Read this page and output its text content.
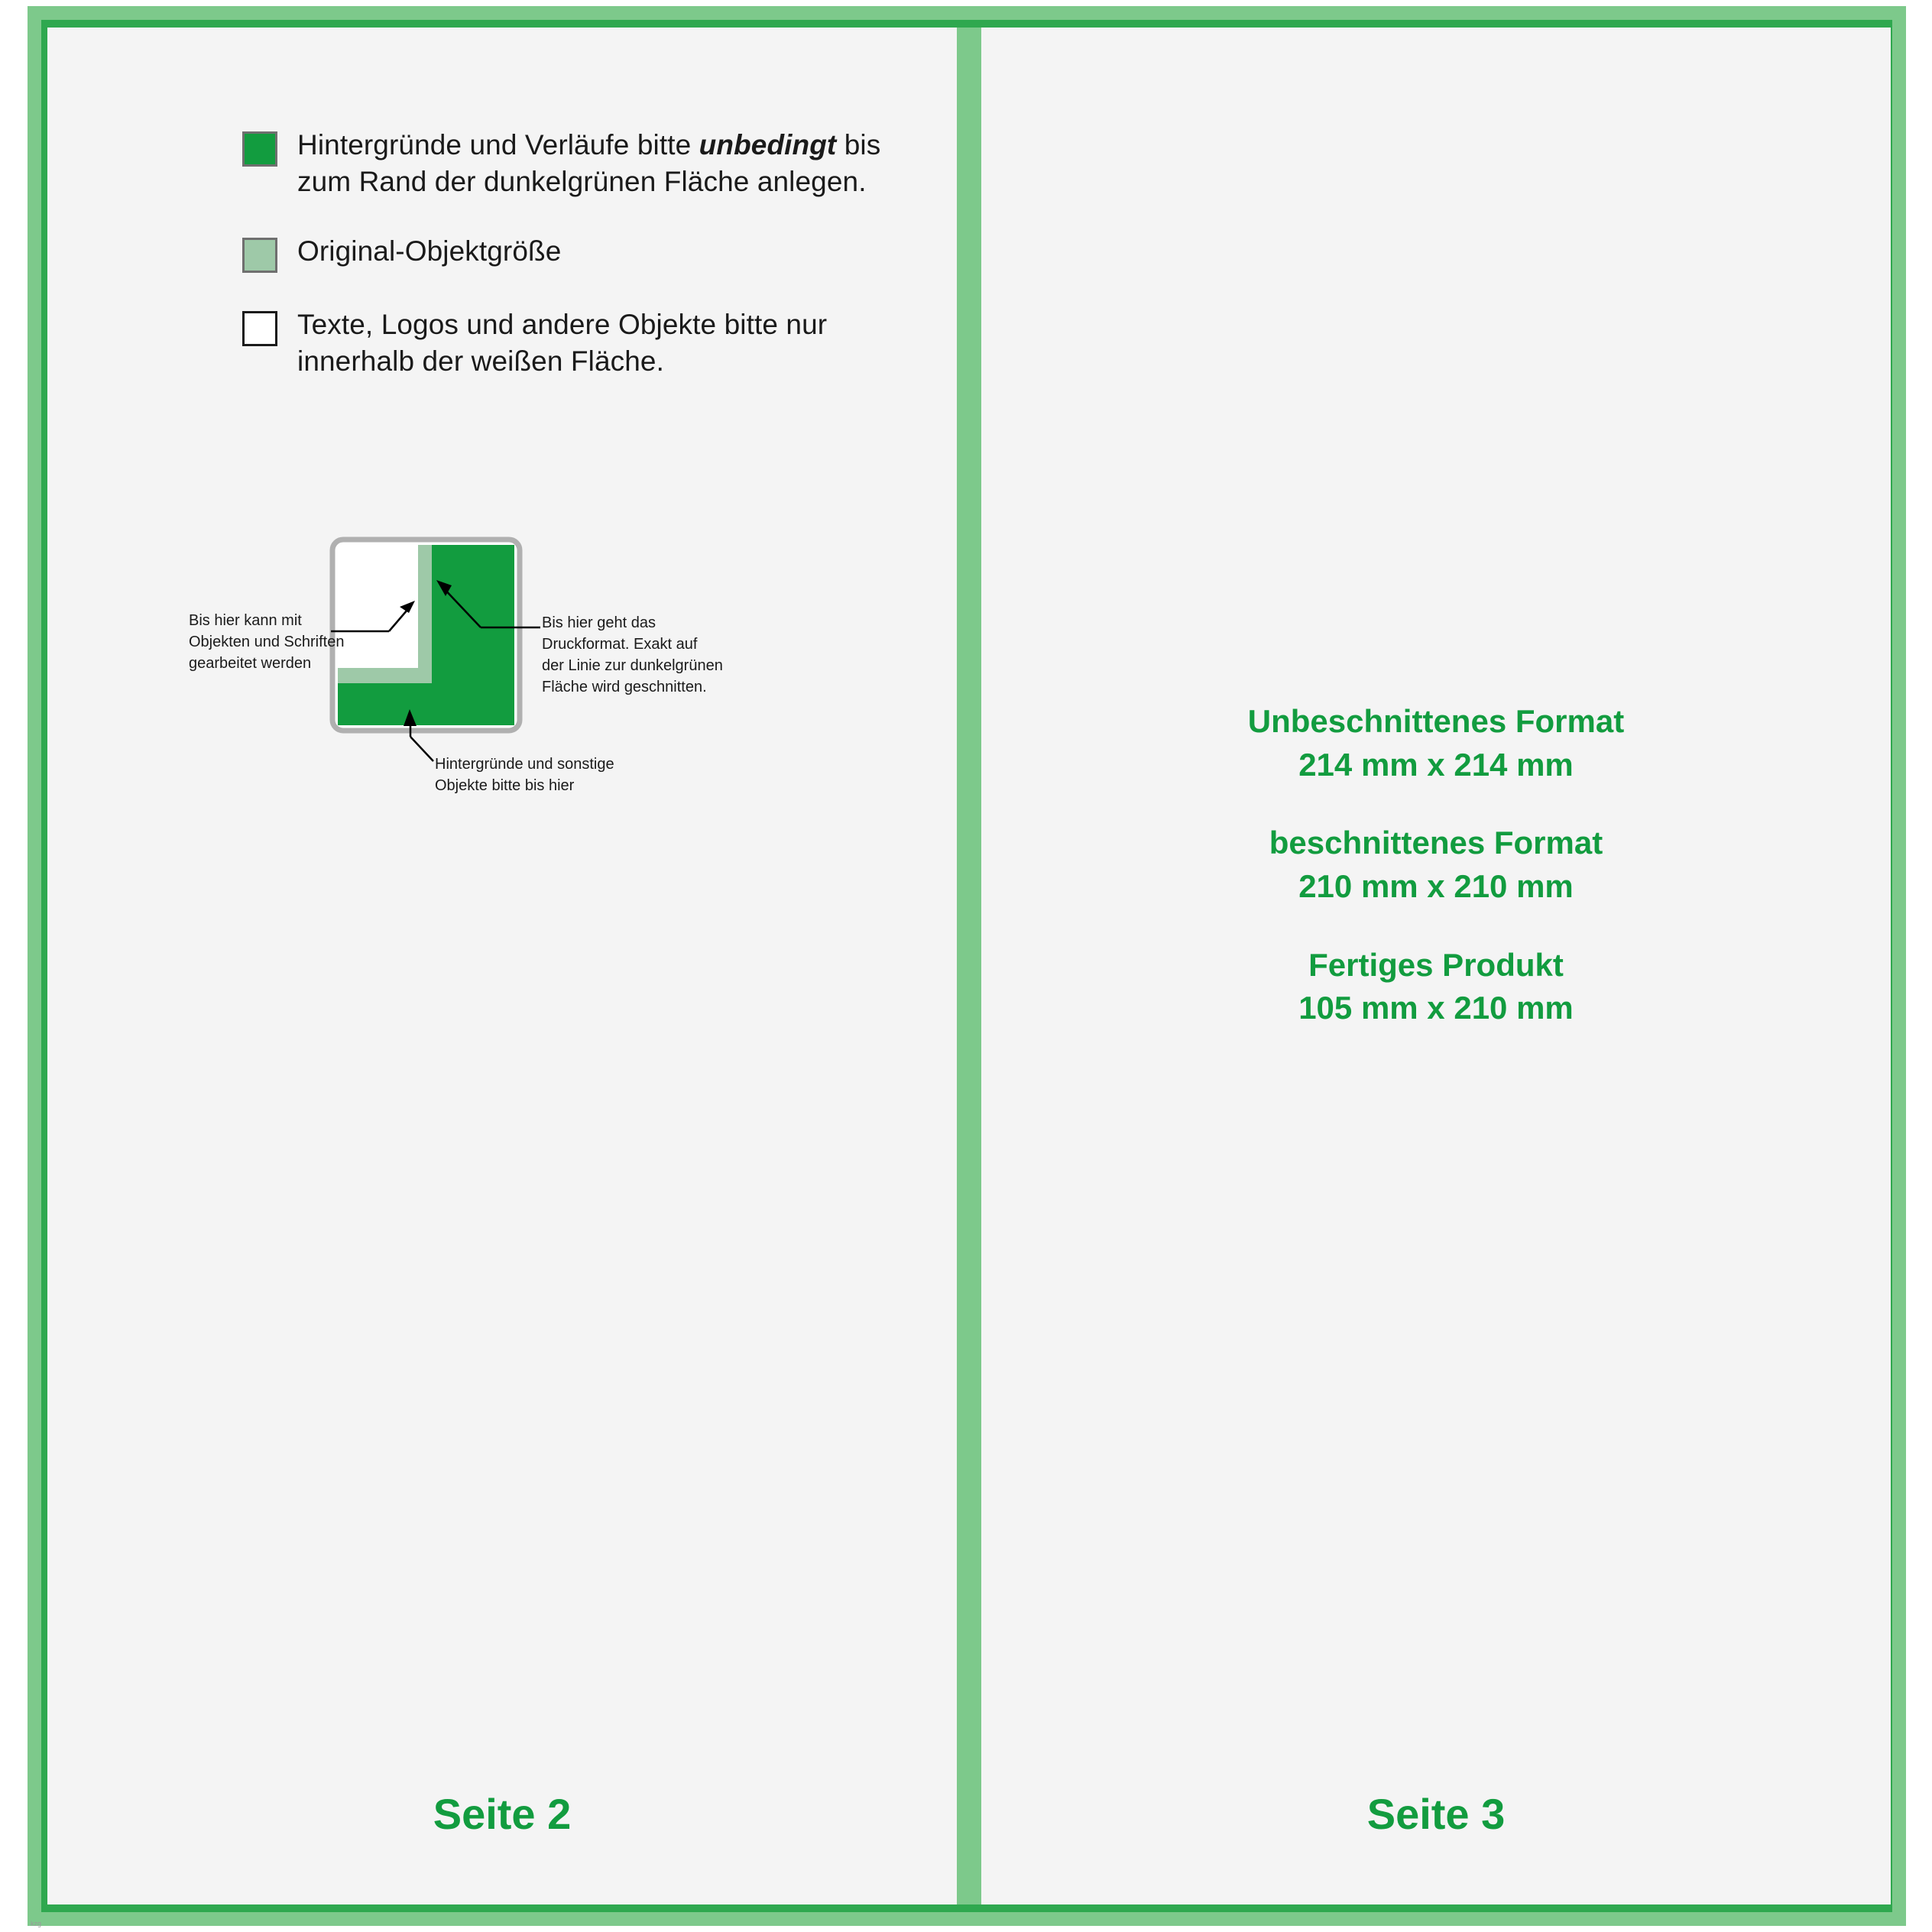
Hintergründe und Verläufe bitte unbedingt bis zum Rand der dunkelgrünen Fläche anlegen.
Original-Objektgröße
Texte, Logos und andere Objekte bitte nur innerhalb der weißen Fläche.
Bis hier kann mit
Objekten und Schriften
gearbeitet werden
Bis hier geht das
Druckformat. Exakt auf
der Linie zur dunkelgrünen
Fläche wird geschnitten.
Hintergründe und sonstige
Objekte bitte bis hier
Seite 2
Unbeschnittenes Format
214 mm x 214 mm
beschnittenes Format
210 mm x 210 mm
Fertiges Produkt
105 mm x 210 mm
Seite 3
kzg
